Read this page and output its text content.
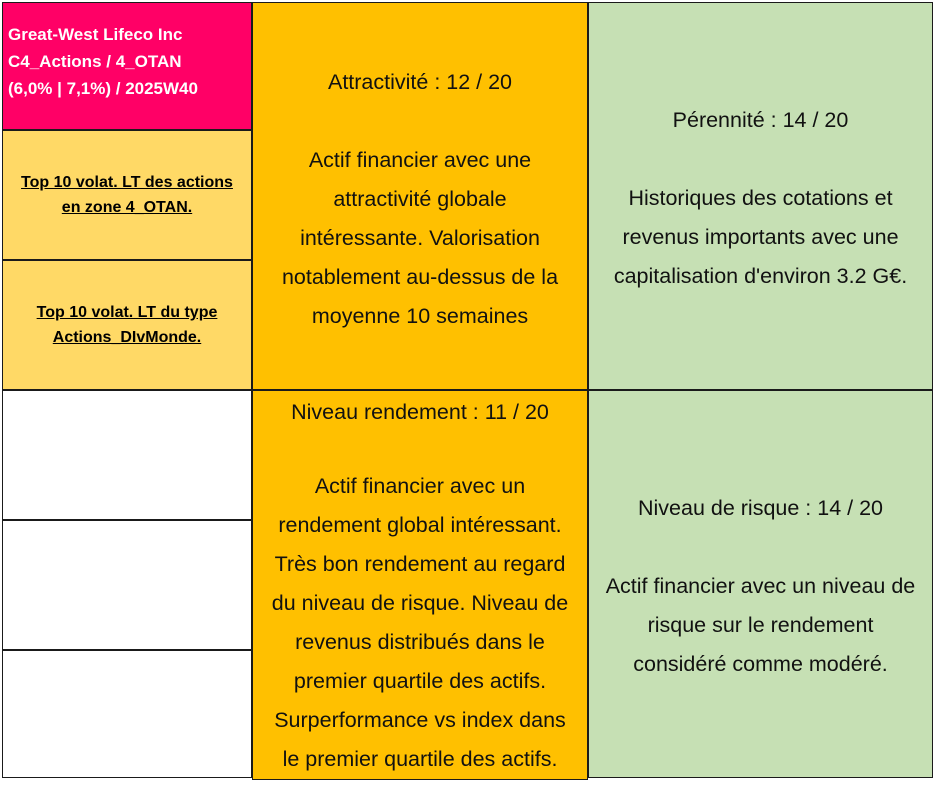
Great-West Lifeco Inc
C4_Actions / 4_OTAN
(6,0% | 7,1%) / 2025W40
Top 10 volat. LT des actions
en zone 4_OTAN.
Top 10 volat. LT du type
Actions_DIvMonde.
Attractivité : 12 / 20
Actif financier avec une
attractivité globale
intéressante. Valorisation
notablement au-dessus de la
moyenne 10 semaines
Pérennité : 14 / 20
Historiques des cotations et
revenus importants avec une
capitalisation d'environ 3.2 G€.
Niveau rendement : 11 / 20
Actif financier avec un
rendement global intéressant.
Très bon rendement au regard
du niveau de risque. Niveau de
revenus distribués dans le
premier quartile des actifs.
Surperformance vs index dans
le premier quartile des actifs.
Niveau de risque : 14 / 20
Actif financier avec un niveau de
risque sur le rendement
considéré comme modéré.
